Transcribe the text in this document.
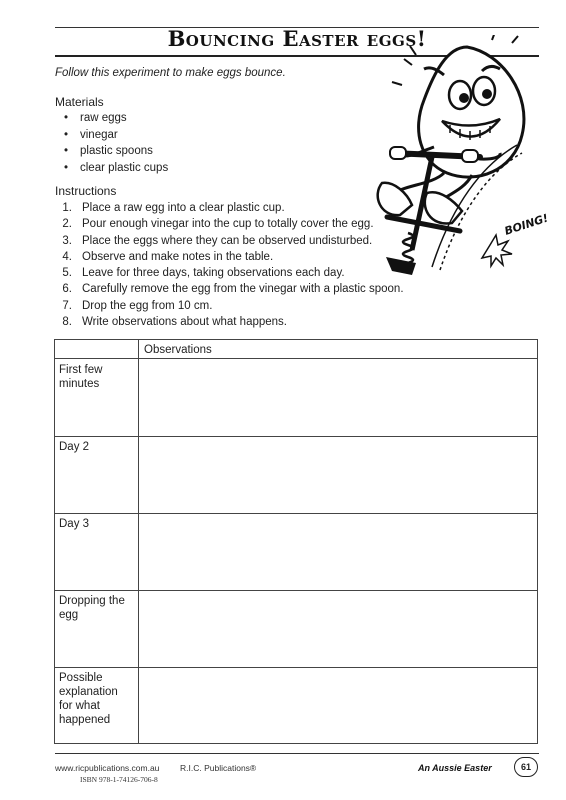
Bouncing Easter eggs!
Follow this experiment to make eggs bounce.
Materials
• raw eggs
• vinegar
• plastic spoons
• clear plastic cups
Instructions
1. Place a raw egg into a clear plastic cup.
2. Pour enough vinegar into the cup to totally cover the egg.
3. Place the eggs where they can be observed undisturbed.
4. Observe and make notes in the table.
5. Leave for three days, taking observations each day.
6. Carefully remove the egg from the vinegar with a plastic spoon.
7. Drop the egg from 10 cm.
8. Write observations about what happens.
BOING!
Observations
First few
minutes
Day 2
Day 3
Dropping the
egg
Possible
explanation
for what
happened
www.ricpublications.com.au R.I.C. Publications®
ISBN 978-1-74126-706-8
An Aussie Easter	61
